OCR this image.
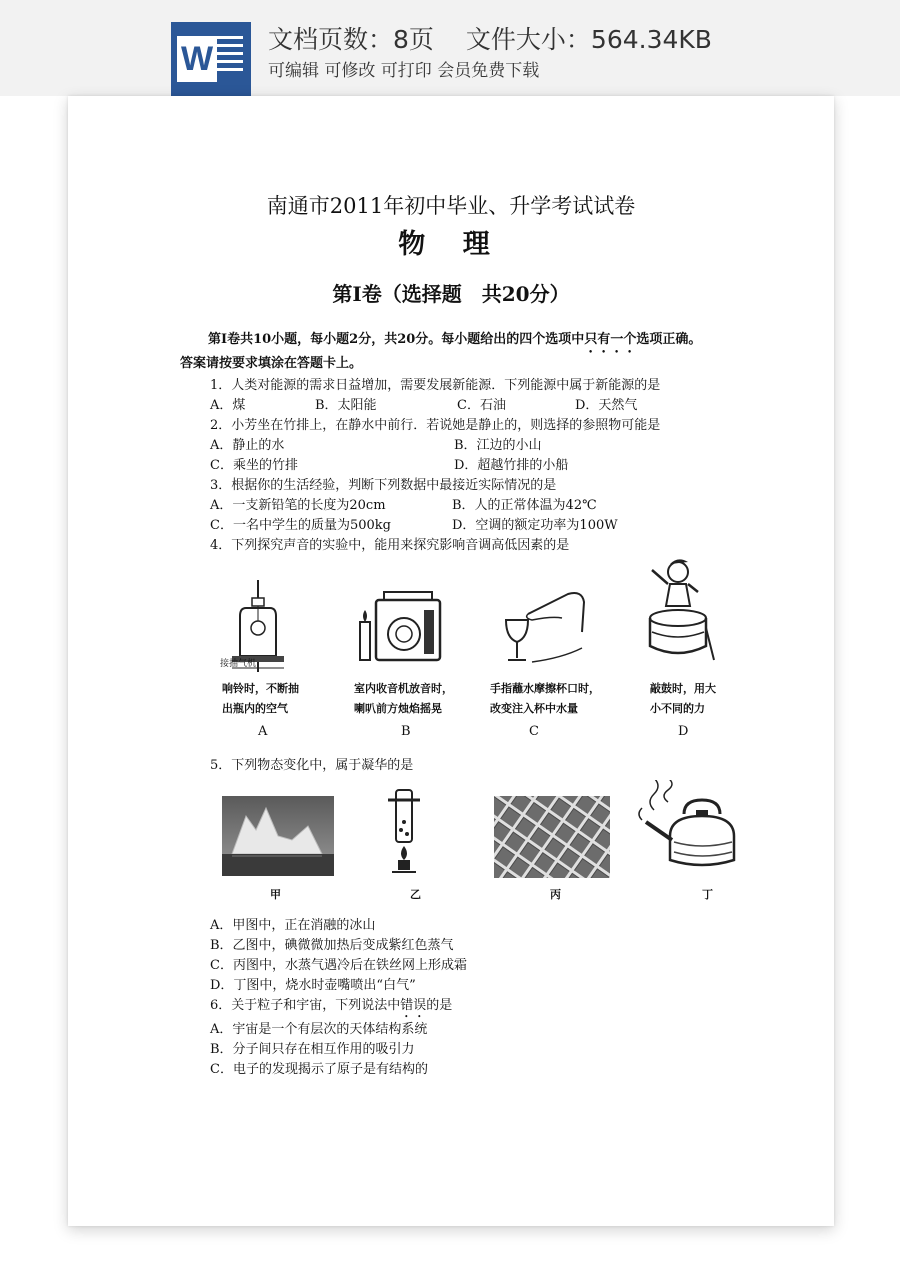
W
文档页数：8页 文件大小：564.34KB
可编辑 可修改 可打印 会员免费下载
南通市2011年初中毕业、升学考试试卷
物 理
第Ⅰ卷（选择题　共20分）
第Ⅰ卷共10小题，每小题2分，共20分。每小题给出的四个选项中只有一个选项正确。
答案请按要求填涂在答题卡上。
1．人类对能源的需求日益增加，需要发展新能源．下列能源中属于新能源的是
A．煤	B．太阳能	C．石油	D．天然气
2．小芳坐在竹排上，在静水中前行．若说她是静止的，则选择的参照物可能是
A．静止的水	B．江边的小山
C．乘坐的竹排	D．超越竹排的小船
3．根据你的生活经验，判断下列数据中最接近实际情况的是
A．一支新铅笔的长度为20cm	B．人的正常体温为42℃
C．一名中学生的质量为500kg	D．空调的额定功率为100W
4．下列探究声音的实验中，能用来探究影响音调高低因素的是
接抽气机
响铃时，不断抽
出瓶内的空气
室内收音机放音时，
喇叭前方烛焰摇晃
手指蘸水摩擦杯口时，
改变注入杯中水量
敲鼓时，用大
小不同的力
A	B	C	D
5．下列物态变化中，属于凝华的是
甲	乙	丙	丁
A．甲图中，正在消融的冰山
B．乙图中，碘微微加热后变成紫红色蒸气
C．丙图中，水蒸气遇冷后在铁丝网上形成霜
D．丁图中，烧水时壶嘴喷出“白气”
6．关于粒子和宇宙，下列说法中错误的是
A．宇宙是一个有层次的天体结构系统
B．分子间只存在相互作用的吸引力
C．电子的发现揭示了原子是有结构的
